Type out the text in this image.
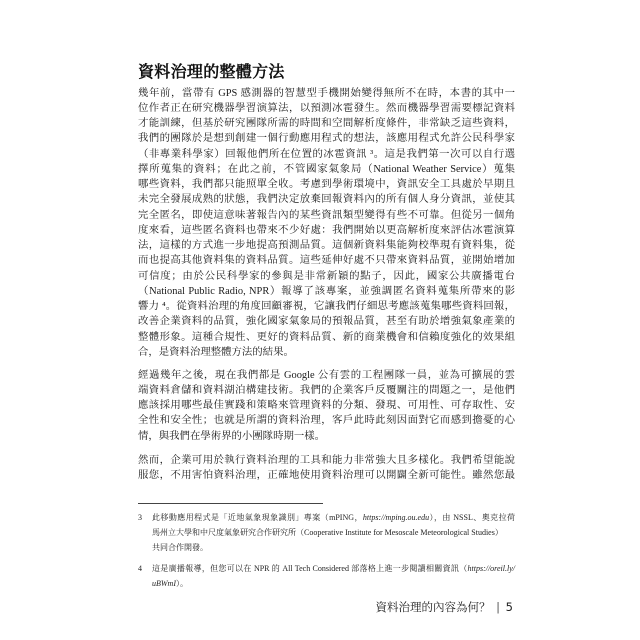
資料治理的整體方法
幾年前，當帶有 GPS 感測器的智慧型手機開始變得無所不在時，本書的其中一
位作者正在研究機器學習演算法，以預測冰雹發生。然而機器學習需要標記資料
才能訓練，但基於研究團隊所需的時間和空間解析度條件，非常缺乏這些資料，
我們的團隊於是想到創建一個行動應用程式的想法，該應用程式允許公民科學家
（非專業科學家）回報他們所在位置的冰雹資訊 ³。這是我們第一次可以自行選
擇所蒐集的資料；在此之前，不管國家氣象局（National Weather Service）蒐集
哪些資料，我們都只能照單全收。考慮到學術環境中，資訊安全工具處於早期且
未完全發展成熟的狀態，我們決定放棄回報資料內的所有個人身分資訊，並使其
完全匿名，即使這意味著報告內的某些資訊類型變得有些不可靠。但從另一個角
度來看，這些匿名資料也帶來不少好處：我們開始以更高解析度來評估冰雹演算
法，這樣的方式進一步地提高預測品質。這個新資料集能夠校準現有資料集，從
而也提高其他資料集的資料品質。這些延伸好處不只帶來資料品質，並開始增加
可信度；由於公民科學家的參與是非常新穎的點子，因此，國家公共廣播電台
（National Public Radio, NPR）報導了該專案，並強調匿名資料蒐集所帶來的影
響力 ⁴。從資料治理的角度回顧審視，它讓我們仔細思考應該蒐集哪些資料回報，
改善企業資料的品質，強化國家氣象局的預報品質，甚至有助於增強氣象產業的
整體形象。這種合規性、更好的資料品質、新的商業機會和信賴度強化的效果組
合，是資料治理整體方法的結果。
經過幾年之後，現在我們都是 Google 公有雲的工程團隊一員，並為可擴展的雲
端資料倉儲和資料湖泊構建技術。我們的企業客戶反覆關注的問題之一，是他們
應該採用哪些最佳實踐和策略來管理資料的分類、發現、可用性、可存取性、安
全性和安全性；也就是所謂的資料治理，客戶此時此刻因面對它而感到擔憂的心
情，與我們在學術界的小團隊時期一樣。
然而，企業可用於執行資料治理的工具和能力非常強大且多樣化。我們希望能說
服您，不用害怕資料治理，正確地使用資料治理可以開闢全新可能性。雖然您最
3	此移動應用程式是「近地氣象現象識別」專案（mPING，https://mping.ou.edu），由 NSSL、奧克拉荷
馬州立大學和中尺度氣象研究合作研究所（Cooperative Institute for Mesoscale Meteorological Studies）
共同合作開發。
4	這是廣播報導，但您可以在 NPR 的 All Tech Considered 部落格上進一步閱讀相關資訊（https://oreil.ly/
uBWmI）。
資料治理的內容為何？ | 5
